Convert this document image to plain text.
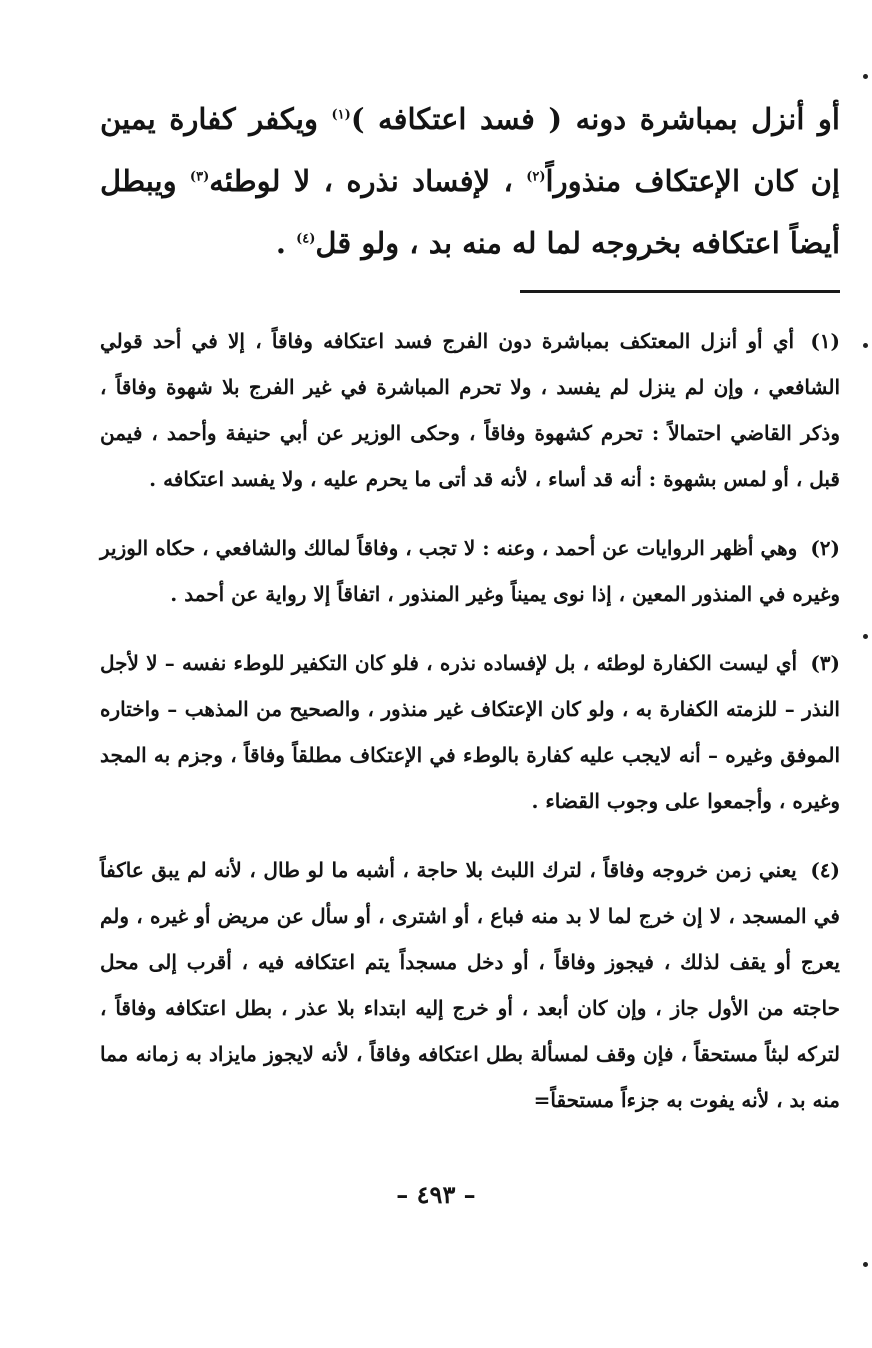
أو أنزل بمباشرة دونه ( فسد اعتكافه )$^{(١)}$ ويكفر كفارة يمين إن كان الإعتكاف منذوراً$^{(٢)}$ ، لإفساد نذره ، لا لوطئه$^{(٣)}$ ويبطل أيضاً اعتكافه بخروجه لما له منه بد ، ولو قل$^{(٤)}$ .

(١) أي أو أنزل المعتكف بمباشرة دون الفرج فسد اعتكافه وفاقاً ، إلا في أحد قولي الشافعي ، وإن لم ينزل لم يفسد ، ولا تحرم المباشرة في غير الفرج بلا شهوة وفاقاً ، وذكر القاضي احتمالاً : تحرم كشهوة وفاقاً ، وحكى الوزير عن أبي حنيفة وأحمد ، فيمن قبل ، أو لمس بشهوة : أنه قد أساء ، لأنه قد أتى ما يحرم عليه ، ولا يفسد اعتكافه .

(٢) وهي أظهر الروايات عن أحمد ، وعنه : لا تجب ، وفاقاً لمالك والشافعي ، حكاه الوزير وغيره في المنذور المعين ، إذا نوى يميناً وغير المنذور ، اتفاقاً إلا رواية عن أحمد .

(٣) أي ليست الكفارة لوطئه ، بل لإفساده نذره ، فلو كان التكفير للوطء نفسه – لا لأجل النذر – للزمته الكفارة به ، ولو كان الإعتكاف غير منذور ، والصحيح من المذهب – واختاره الموفق وغيره – أنه لايجب عليه كفارة بالوطء في الإعتكاف مطلقاً وفاقاً ، وجزم به المجد وغيره ، وأجمعوا على وجوب القضاء .

(٤) يعني زمن خروجه وفاقاً ، لترك اللبث بلا حاجة ، أشبه ما لو طال ، لأنه لم يبق عاكفاً في المسجد ، لا إن خرج لما لا بد منه فباع ، أو اشترى ، أو سأل عن مريض أو غيره ، ولم يعرج أو يقف لذلك ، فيجوز وفاقاً ، أو دخل مسجداً يتم اعتكافه فيه ، أقرب إلى محل حاجته من الأول جاز ، وإن كان أبعد ، أو خرج إليه ابتداء بلا عذر ، بطل اعتكافه وفاقاً ، لتركه لبثاً مستحقاً ، فإن وقف لمسألة بطل اعتكافه وفاقاً ، لأنه لايجوز مايزاد به زمانه مما منه بد ، لأنه يفوت به جزءاً مستحقاً=

– ٤٩٣ –
